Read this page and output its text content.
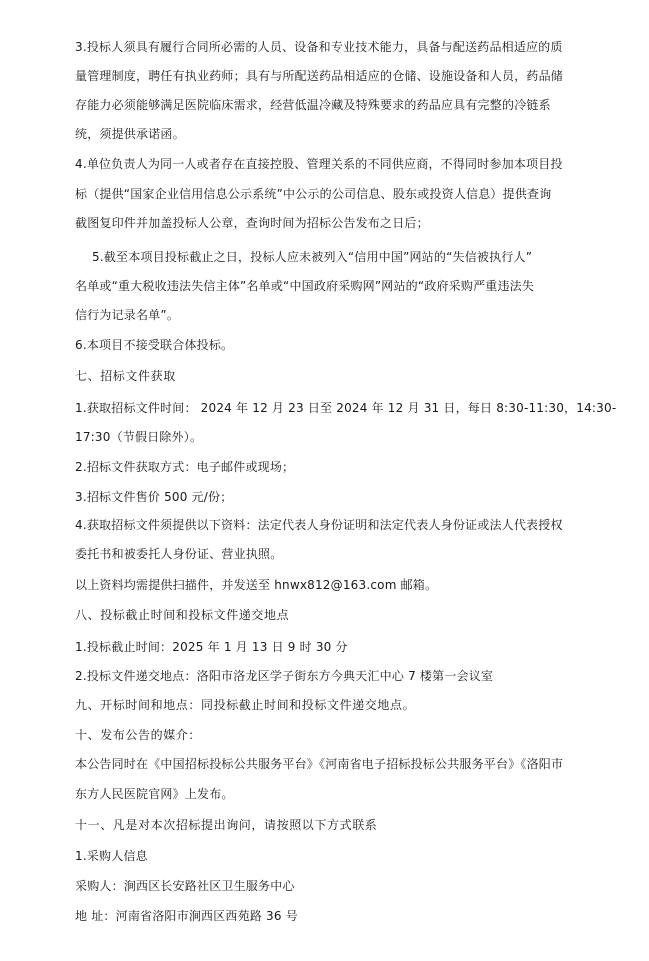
3.投标人须具有履行合同所必需的人员、设备和专业技术能力，具备与配送药品相适应的质
量管理制度，聘任有执业药师；具有与所配送药品相适应的仓储、设施设备和人员，药品储
存能力必须能够满足医院临床需求，经营低温冷藏及特殊要求的药品应具有完整的冷链系
统，须提供承诺函。
4.单位负责人为同一人或者存在直接控股、管理关系的不同供应商，不得同时参加本项目投
标（提供“国家企业信用信息公示系统”中公示的公司信息、股东或投资人信息）提供查询
截图复印件并加盖投标人公章，查询时间为招标公告发布之日后；
5.截至本项目投标截止之日，投标人应未被列入“信用中国”网站的“失信被执行人”
名单或“重大税收违法失信主体”名单或“中国政府采购网”网站的“政府采购严重违法失
信行为记录名单”。
6.本项目不接受联合体投标。
七、招标文件获取
1.获取招标文件时间： 2024 年 12 月 23 日至 2024 年 12 月 31 日，每日 8:30-11:30，14:30-
17:30（节假日除外）。
2.招标文件获取方式：电子邮件或现场；
3.招标文件售价 500 元/份；
4.获取招标文件须提供以下资料：法定代表人身份证明和法定代表人身份证或法人代表授权
委托书和被委托人身份证、营业执照。
以上资料均需提供扫描件，并发送至 hnwx812@163.com 邮箱。
八、投标截止时间和投标文件递交地点
1.投标截止时间：2025 年 1 月 13 日 9 时 30 分
2.投标文件递交地点：洛阳市洛龙区学子街东方今典天汇中心 7 楼第一会议室
九、开标时间和地点：同投标截止时间和投标文件递交地点。
十、发布公告的媒介：
本公告同时在《中国招标投标公共服务平台》《河南省电子招标投标公共服务平台》《洛阳市
东方人民医院官网》上发布。
十一、凡是对本次招标提出询问，请按照以下方式联系
1.采购人信息
采购人：涧西区长安路社区卫生服务中心
地 址：河南省洛阳市涧西区西苑路 36 号
